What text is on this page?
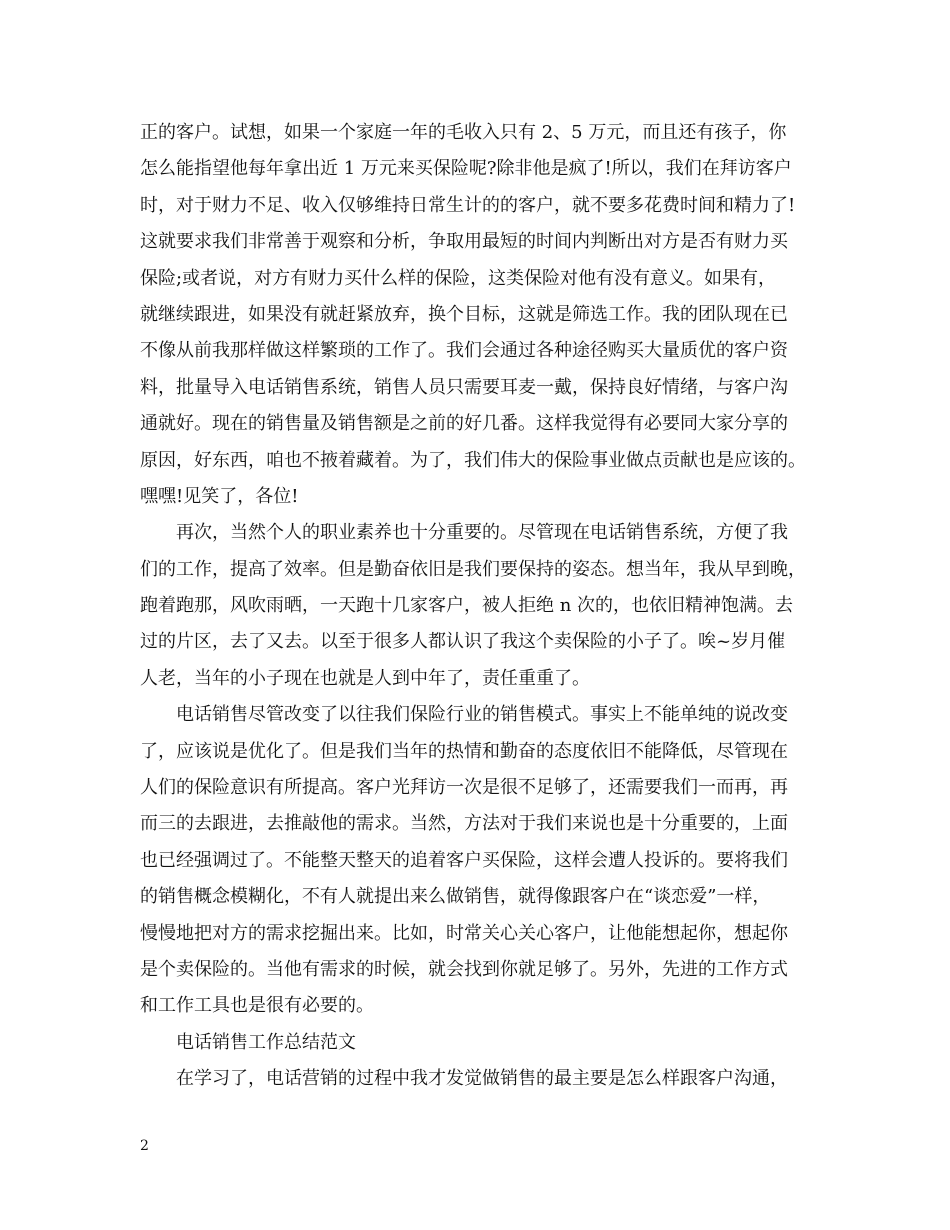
正的客户。试想，如果一个家庭一年的毛收入只有 2、5 万元，而且还有孩子，你
怎么能指望他每年拿出近 1 万元来买保险呢?除非他是疯了!所以，我们在拜访客户
时，对于财力不足、收入仅够维持日常生计的的客户，就不要多花费时间和精力了!
这就要求我们非常善于观察和分析，争取用最短的时间内判断出对方是否有财力买
保险;或者说，对方有财力买什么样的保险，这类保险对他有没有意义。如果有，
就继续跟进，如果没有就赶紧放弃，换个目标，这就是筛选工作。我的团队现在已
不像从前我那样做这样繁琐的工作了。我们会通过各种途径购买大量质优的客户资
料，批量导入电话销售系统，销售人员只需要耳麦一戴，保持良好情绪，与客户沟
通就好。现在的销售量及销售额是之前的好几番。这样我觉得有必要同大家分享的
原因，好东西，咱也不掖着藏着。为了，我们伟大的保险事业做点贡献也是应该的。
嘿嘿!见笑了，各位!
再次，当然个人的职业素养也十分重要的。尽管现在电话销售系统，方便了我
们的工作，提高了效率。但是勤奋依旧是我们要保持的姿态。想当年，我从早到晚，
跑着跑那，风吹雨晒，一天跑十几家客户，被人拒绝 n 次的，也依旧精神饱满。去
过的片区，去了又去。以至于很多人都认识了我这个卖保险的小子了。唉~岁月催
人老，当年的小子现在也就是人到中年了，责任重重了。
电话销售尽管改变了以往我们保险行业的销售模式。事实上不能单纯的说改变
了，应该说是优化了。但是我们当年的热情和勤奋的态度依旧不能降低，尽管现在
人们的保险意识有所提高。客户光拜访一次是很不足够了，还需要我们一而再，再
而三的去跟进，去推敲他的需求。当然，方法对于我们来说也是十分重要的，上面
也已经强调过了。不能整天整天的追着客户买保险，这样会遭人投诉的。要将我们
的销售概念模糊化，不有人就提出来么做销售，就得像跟客户在“谈恋爱”一样，
慢慢地把对方的需求挖掘出来。比如，时常关心关心客户，让他能想起你，想起你
是个卖保险的。当他有需求的时候，就会找到你就足够了。另外，先进的工作方式
和工作工具也是很有必要的。
电话销售工作总结范文
在学习了，电话营销的过程中我才发觉做销售的最主要是怎么样跟客户沟通，
2
